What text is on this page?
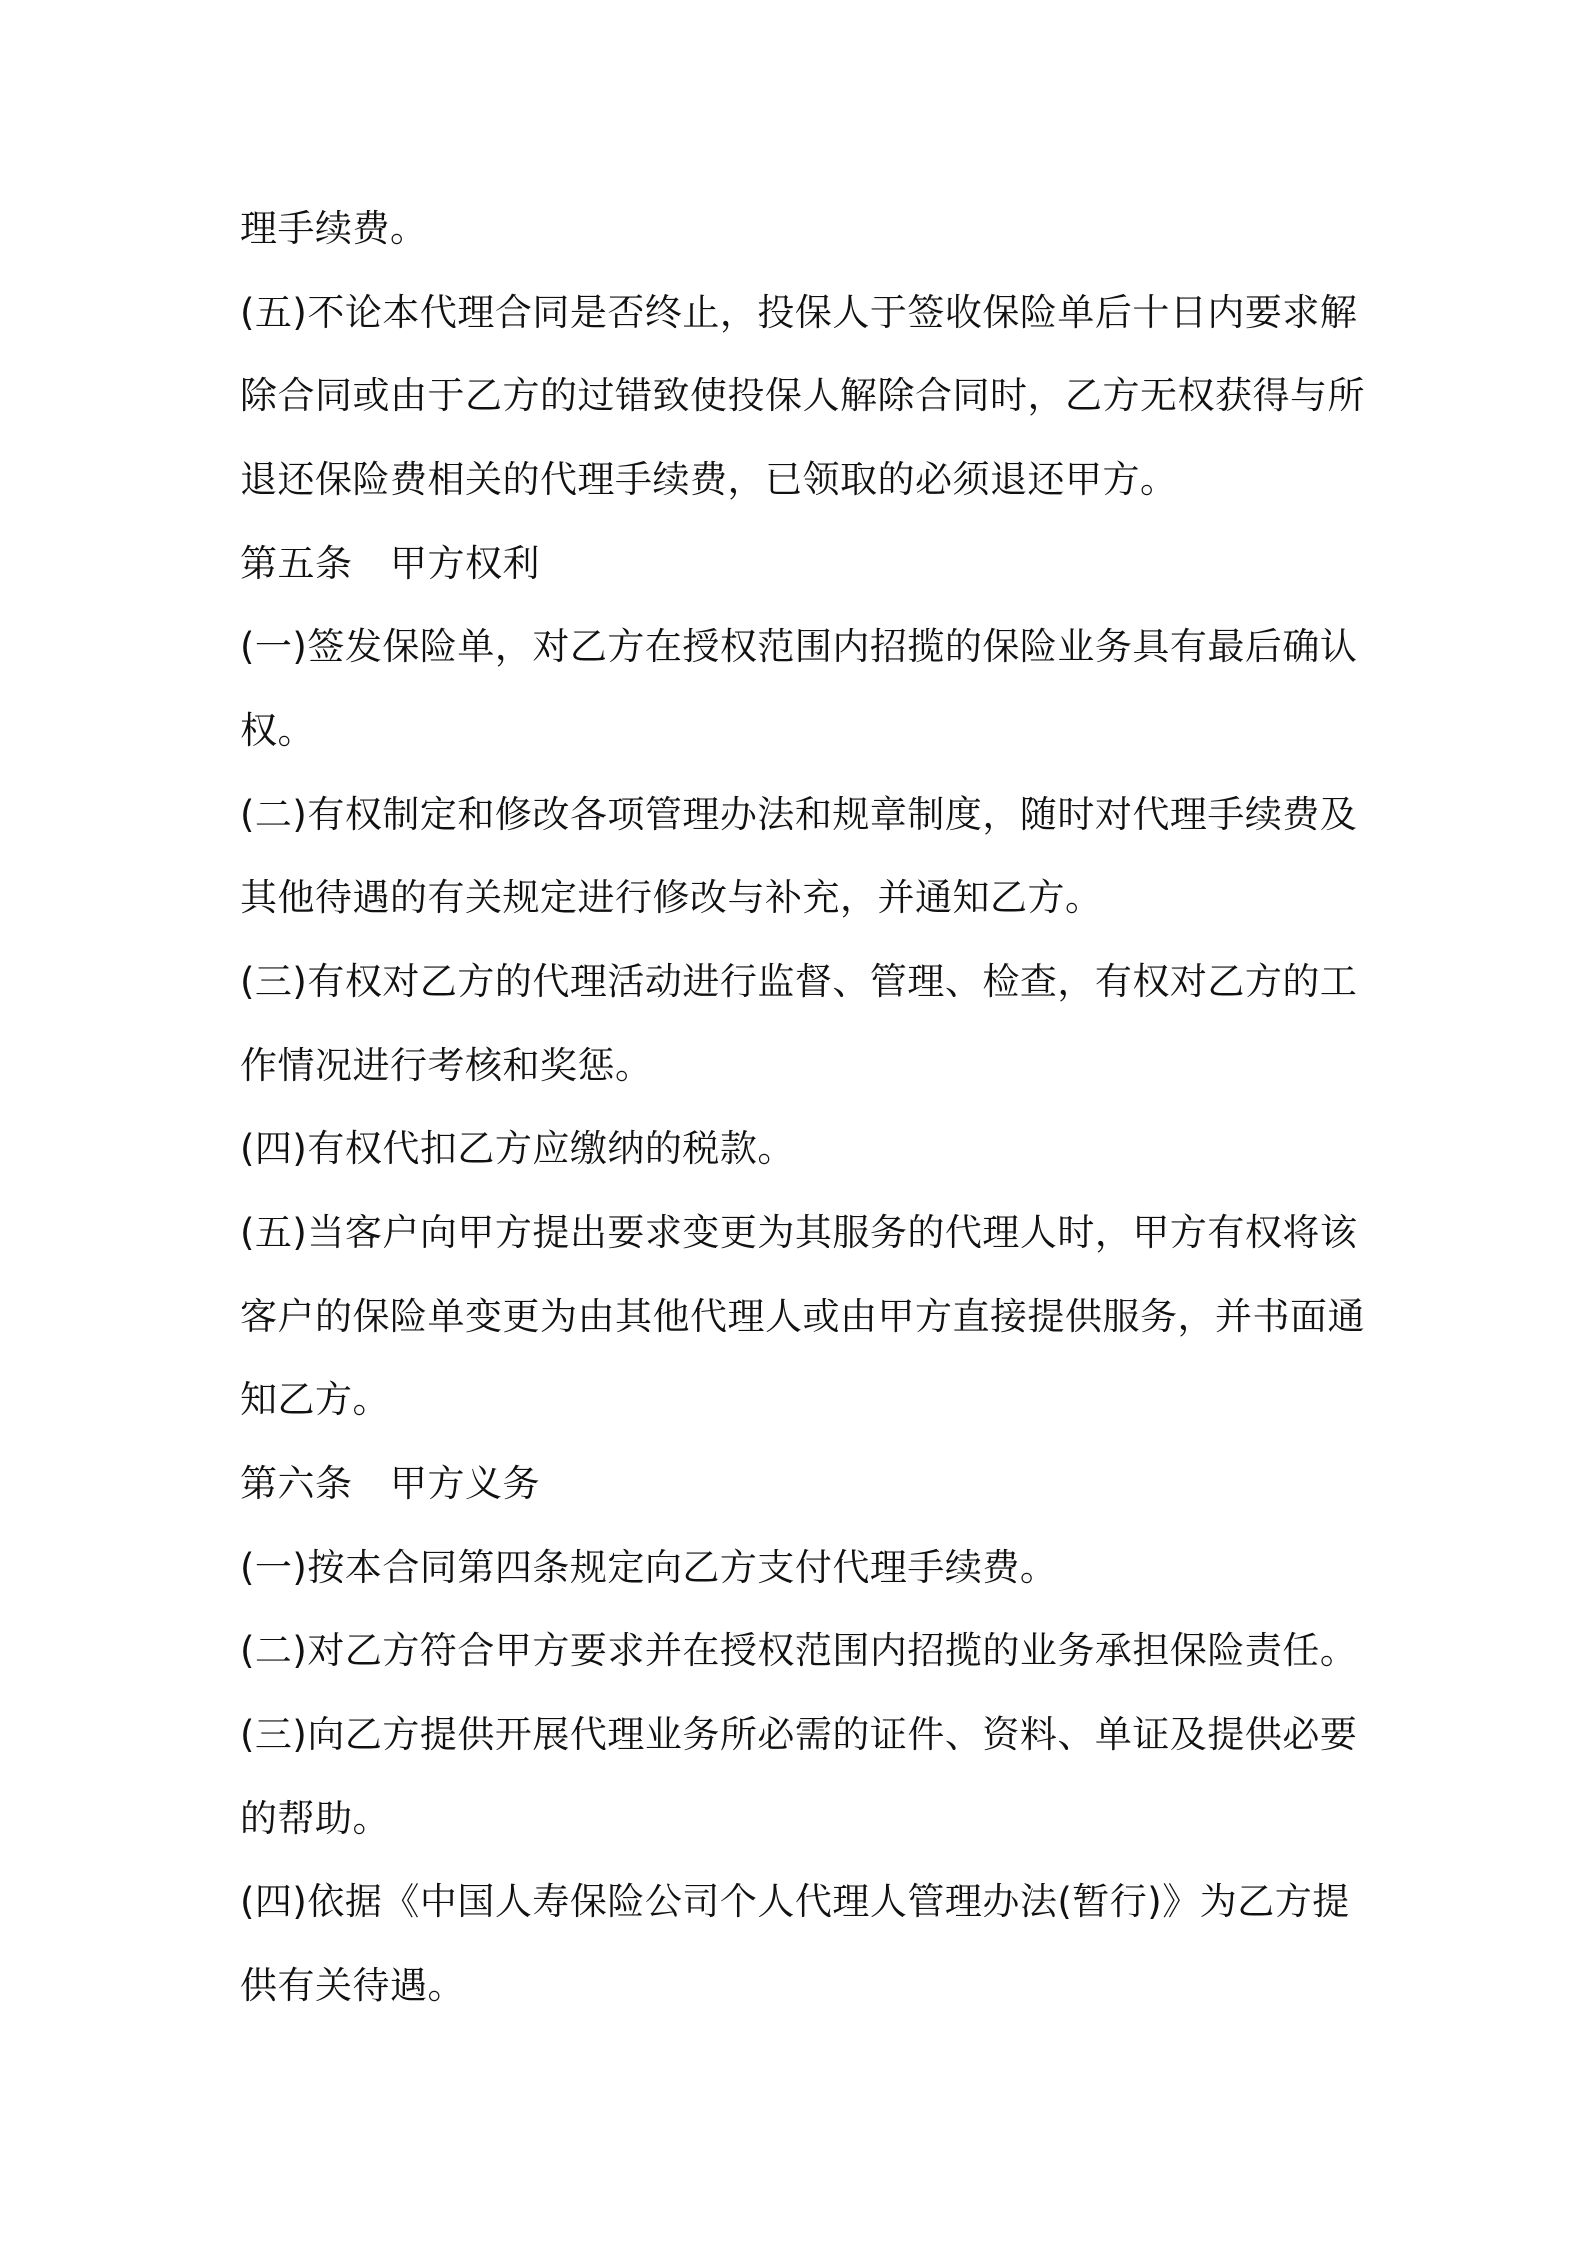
理手续费。
(五)不论本代理合同是否终止，投保人于签收保险单后十日内要求解
除合同或由于乙方的过错致使投保人解除合同时，乙方无权获得与所
退还保险费相关的代理手续费，已领取的必须退还甲方。
第五条　甲方权利
(一)签发保险单，对乙方在授权范围内招揽的保险业务具有最后确认
权。
(二)有权制定和修改各项管理办法和规章制度，随时对代理手续费及
其他待遇的有关规定进行修改与补充，并通知乙方。
(三)有权对乙方的代理活动进行监督、管理、检查，有权对乙方的工
作情况进行考核和奖惩。
(四)有权代扣乙方应缴纳的税款。
(五)当客户向甲方提出要求变更为其服务的代理人时，甲方有权将该
客户的保险单变更为由其他代理人或由甲方直接提供服务，并书面通
知乙方。
第六条　甲方义务
(一)按本合同第四条规定向乙方支付代理手续费。
(二)对乙方符合甲方要求并在授权范围内招揽的业务承担保险责任。
(三)向乙方提供开展代理业务所必需的证件、资料、单证及提供必要
的帮助。
(四)依据《中国人寿保险公司个人代理人管理办法(暂行)》为乙方提
供有关待遇。
